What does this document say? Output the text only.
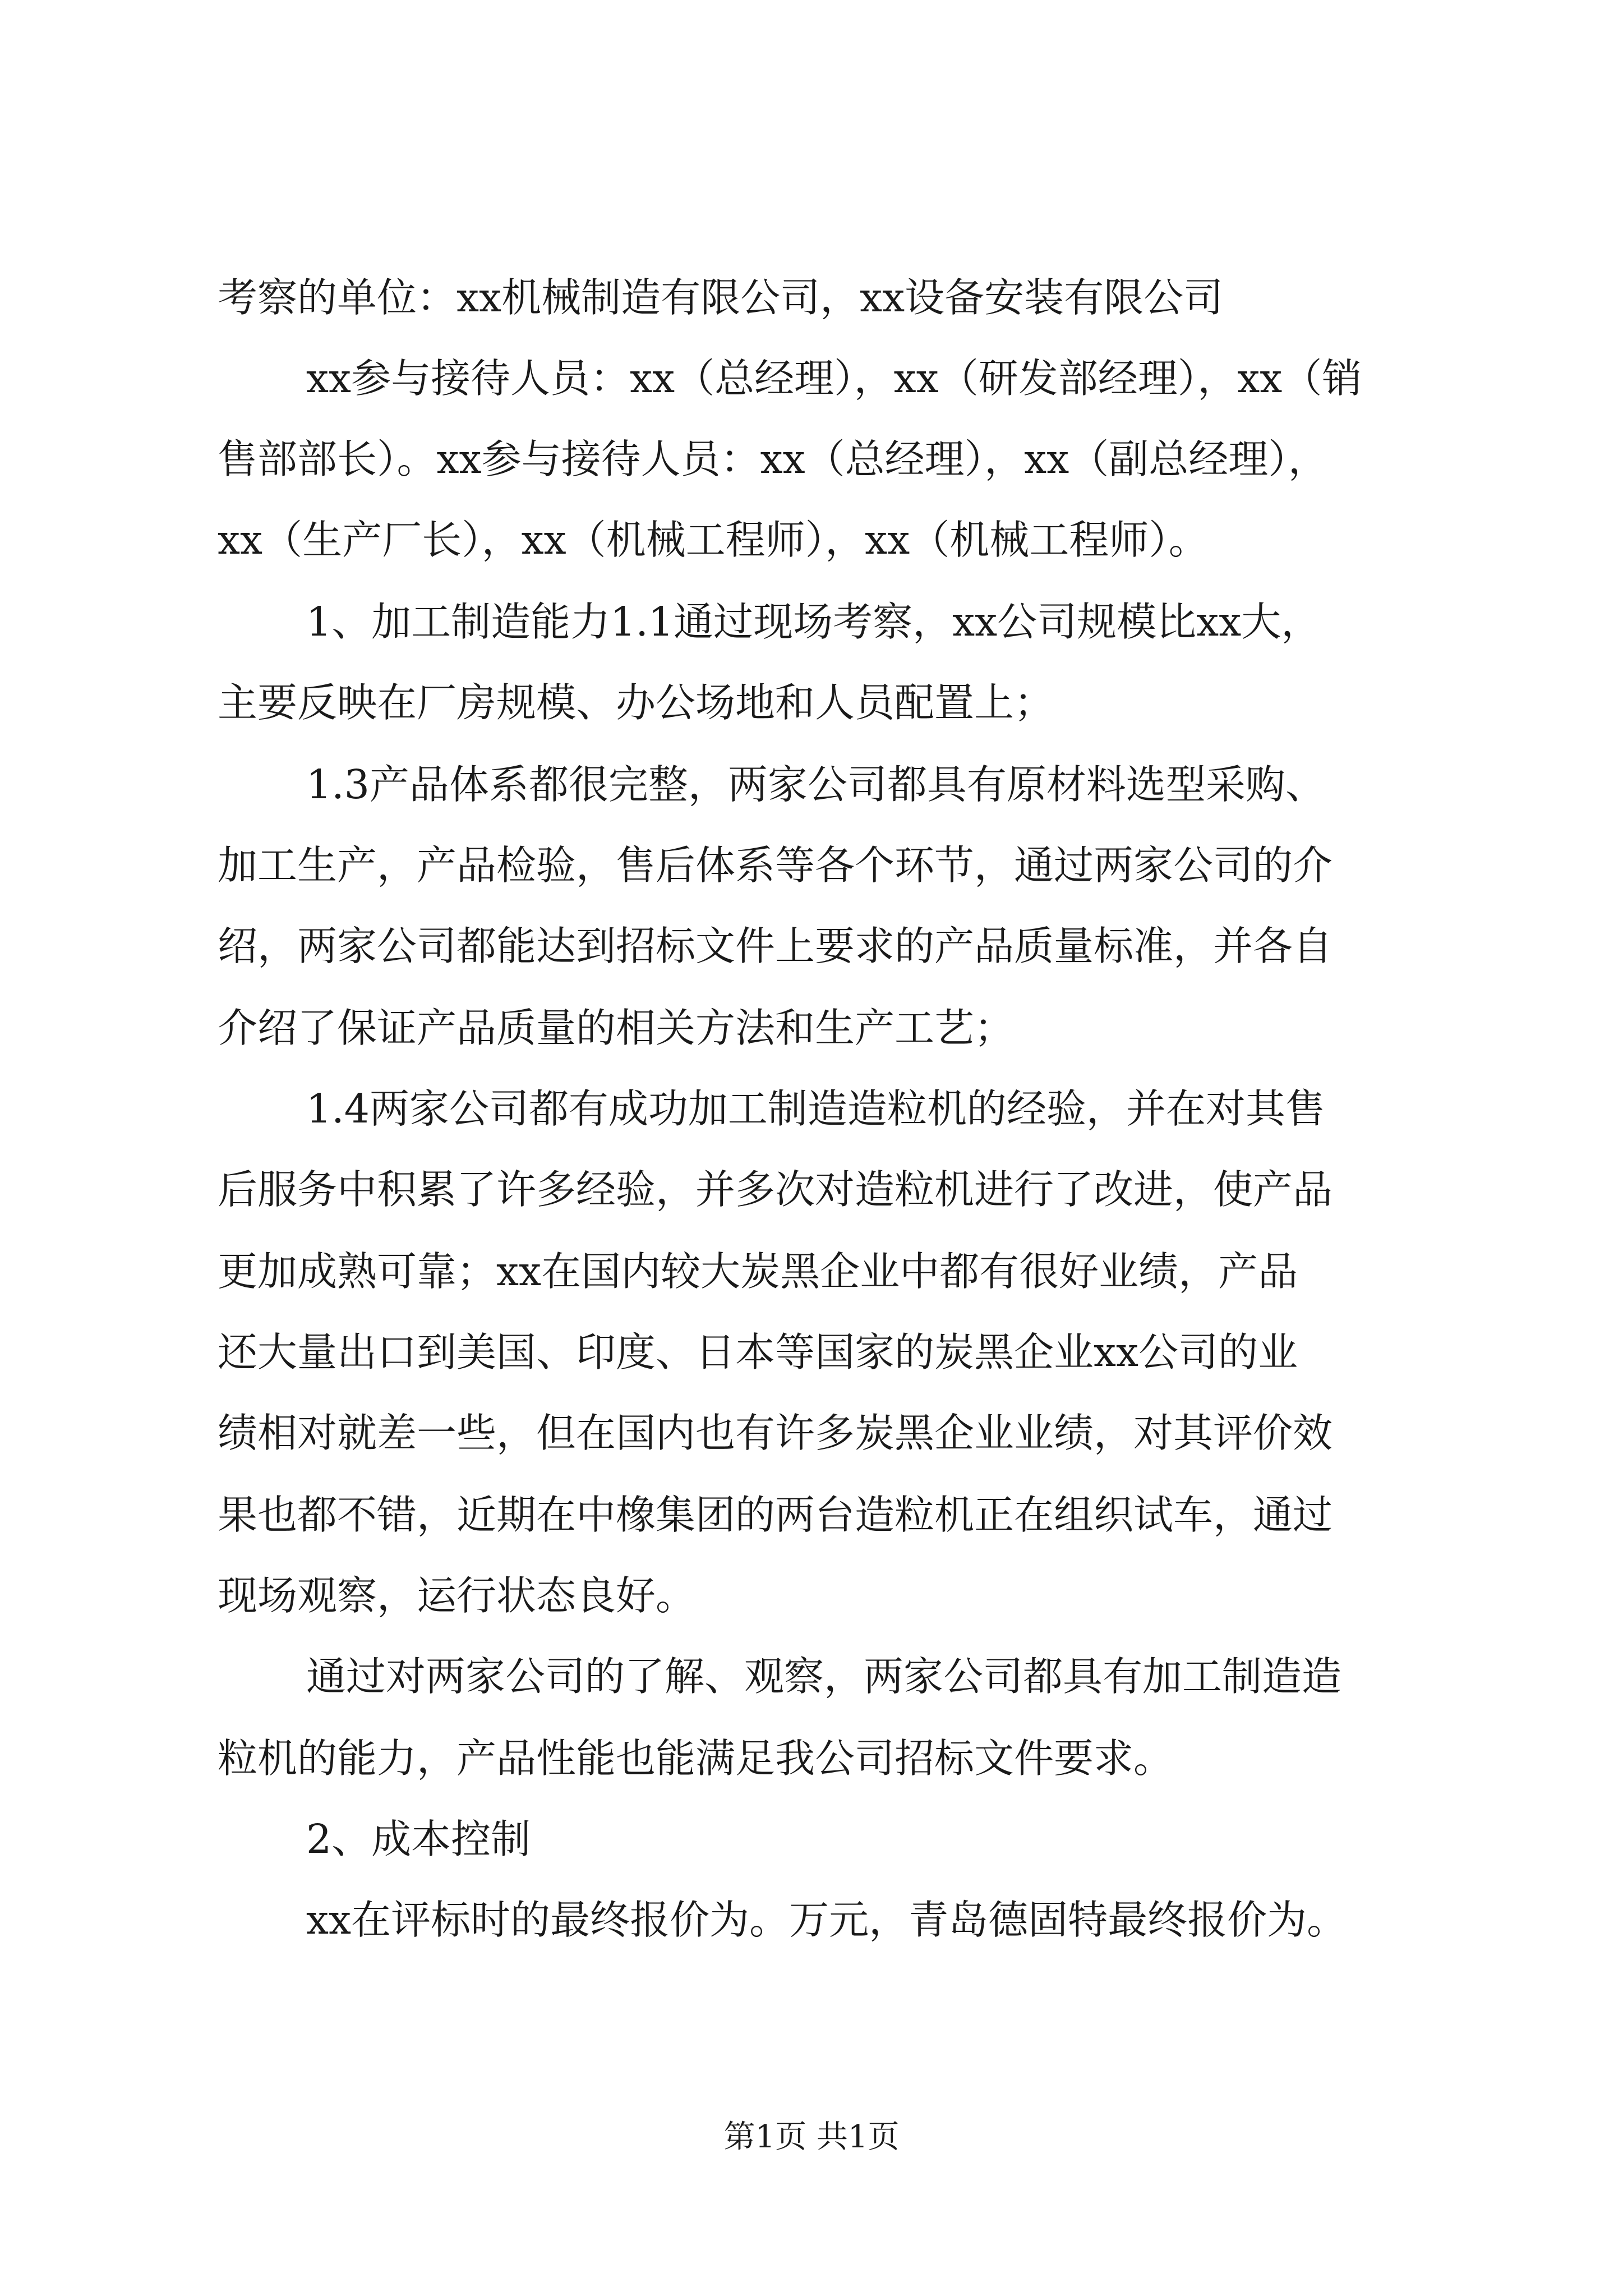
考察的单位：xx机械制造有限公司，xx设备安装有限公司

xx参与接待人员：xx（总经理），xx（研发部经理），xx（销

售部部长）。xx参与接待人员：xx（总经理），xx（副总经理），

xx（生产厂长），xx（机械工程师），xx（机械工程师）。

1、加工制造能力1.1通过现场考察，xx公司规模比xx大，

主要反映在厂房规模、办公场地和人员配置上；

1.3产品体系都很完整，两家公司都具有原材料选型采购、

加工生产，产品检验，售后体系等各个环节，通过两家公司的介

绍，两家公司都能达到招标文件上要求的产品质量标准，并各自

介绍了保证产品质量的相关方法和生产工艺；

1.4两家公司都有成功加工制造造粒机的经验，并在对其售

后服务中积累了许多经验，并多次对造粒机进行了改进，使产品

更加成熟可靠；xx在国内较大炭黑企业中都有很好业绩，产品

还大量出口到美国、印度、日本等国家的炭黑企业xx公司的业

绩相对就差一些，但在国内也有许多炭黑企业业绩，对其评价效

果也都不错，近期在中橡集团的两台造粒机正在组织试车，通过

现场观察，运行状态良好。

通过对两家公司的了解、观察，两家公司都具有加工制造造

粒机的能力，产品性能也能满足我公司招标文件要求。

2、成本控制

xx在评标时的最终报价为。万元，青岛德固特最终报价为。

第1页 共1页
